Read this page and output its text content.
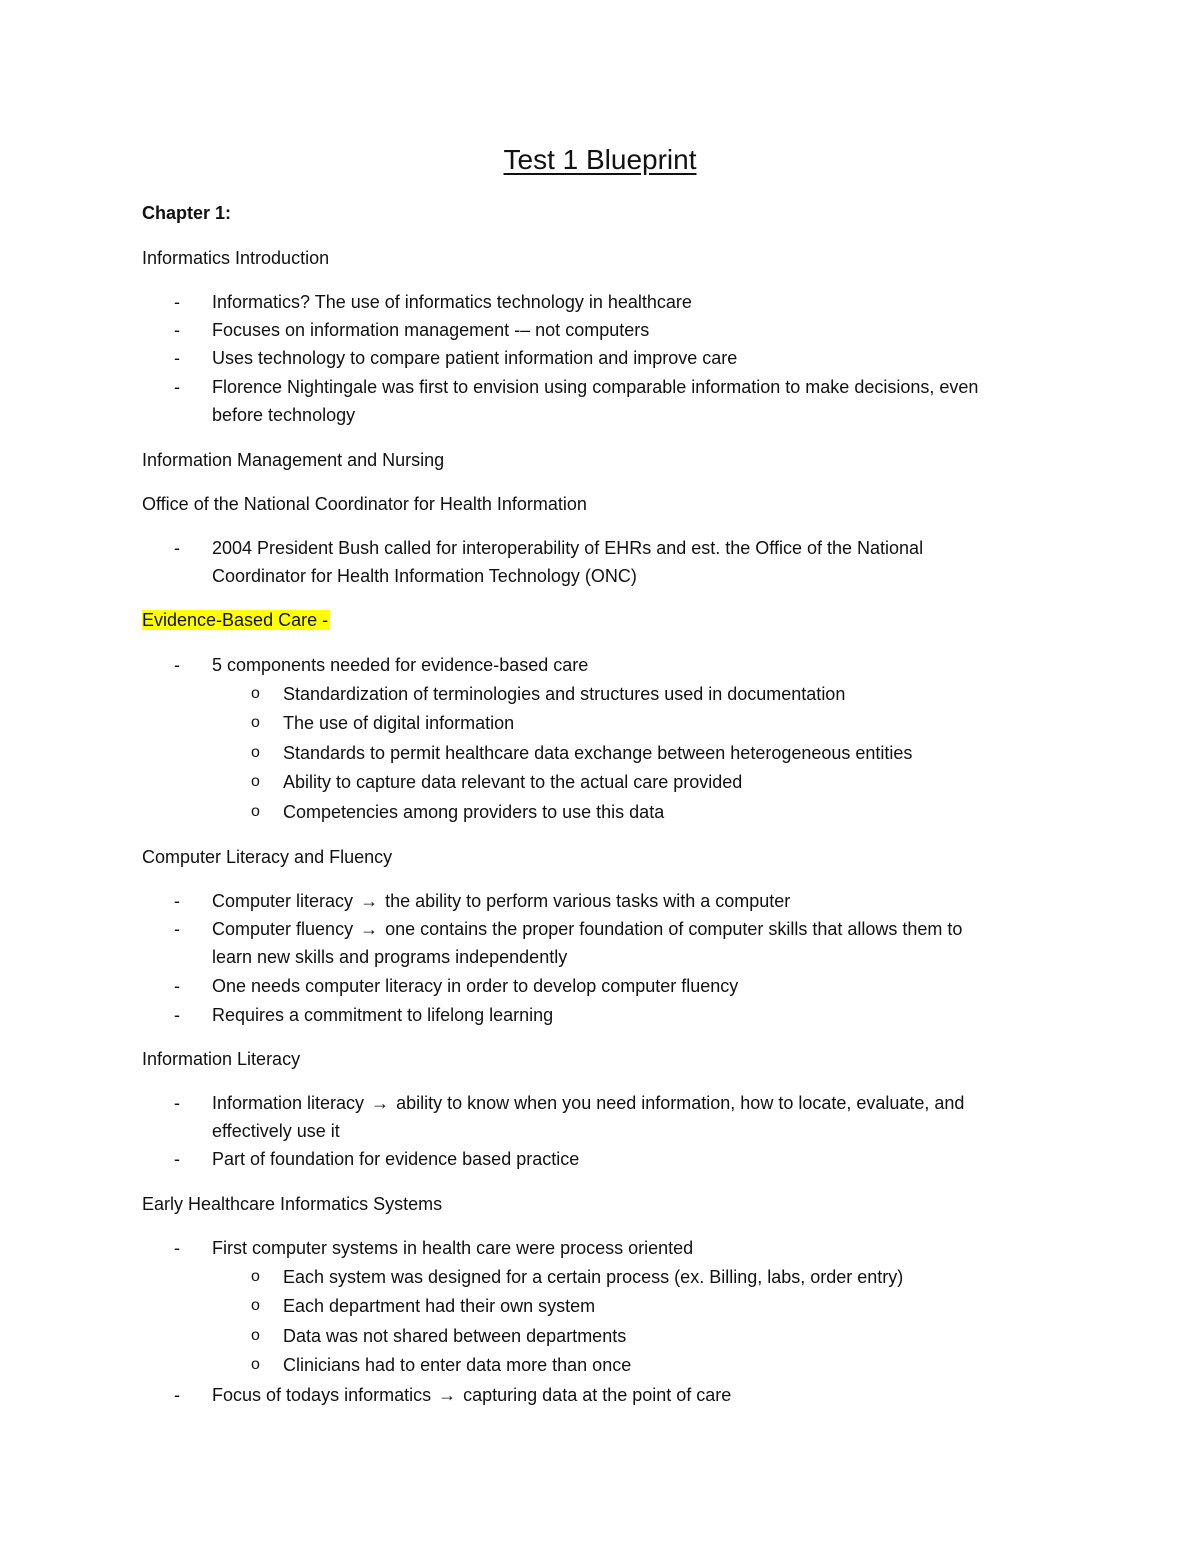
Test 1 Blueprint
Chapter 1:
Informatics Introduction
- Informatics? The use of informatics technology in healthcare
- Focuses on information management -– not computers
- Uses technology to compare patient information and improve care
- Florence Nightingale was first to envision using comparable information to make decisions, even
before technology
Information Management and Nursing
Office of the National Coordinator for Health Information
- 2004 President Bush called for interoperability of EHRs and est. the Office of the National
Coordinator for Health Information Technology (ONC)
Evidence-Based Care -
- 5 components needed for evidence-based care
o Standardization of terminologies and structures used in documentation
o The use of digital information
o Standards to permit healthcare data exchange between heterogeneous entities
o Ability to capture data relevant to the actual care provided
o Competencies among providers to use this data
Computer Literacy and Fluency
- Computer literacy → the ability to perform various tasks with a computer
- Computer fluency → one contains the proper foundation of computer skills that allows them to
learn new skills and programs independently
- One needs computer literacy in order to develop computer fluency
- Requires a commitment to lifelong learning
Information Literacy
- Information literacy → ability to know when you need information, how to locate, evaluate, and
effectively use it
- Part of foundation for evidence based practice
Early Healthcare Informatics Systems
- First computer systems in health care were process oriented
o Each system was designed for a certain process (ex. Billing, labs, order entry)
o Each department had their own system
o Data was not shared between departments
o Clinicians had to enter data more than once
- Focus of todays informatics → capturing data at the point of care
